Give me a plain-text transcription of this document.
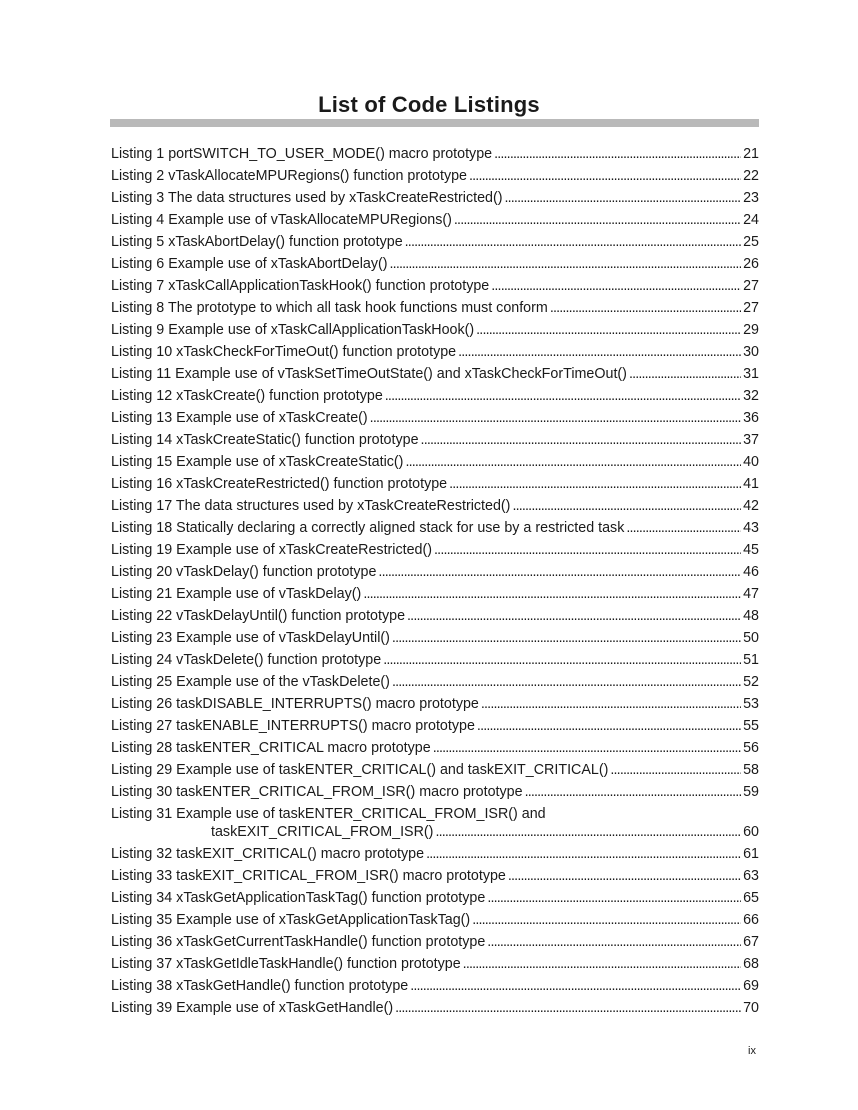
List of Code Listings
Listing 1 portSWITCH_TO_USER_MODE() macro prototype . . .	21
Listing 2 vTaskAllocateMPURegions() function prototype . . .	22
Listing 3 The data structures used by xTaskCreateRestricted() . . .	23
Listing 4 Example use of vTaskAllocateMPURegions() . . .	24
Listing 5 xTaskAbortDelay() function prototype . . .	25
Listing 6 Example use of xTaskAbortDelay() . . .	26
Listing 7 xTaskCallApplicationTaskHook() function prototype . . .	27
Listing 8 The prototype to which all task hook functions must conform . . .	27
Listing 9 Example use of xTaskCallApplicationTaskHook() . . .	29
Listing 10 xTaskCheckForTimeOut() function prototype . . .	30
Listing 11 Example use of vTaskSetTimeOutState() and xTaskCheckForTimeOut() . . .	31
Listing 12 xTaskCreate() function prototype . . .	32
Listing 13 Example use of xTaskCreate() . . .	36
Listing 14 xTaskCreateStatic() function prototype . . .	37
Listing 15 Example use of xTaskCreateStatic() . . .	40
Listing 16 xTaskCreateRestricted() function prototype . . .	41
Listing 17 The data structures used by xTaskCreateRestricted() . . .	42
Listing 18 Statically declaring a correctly aligned stack for use by a restricted task . . .	43
Listing 19 Example use of xTaskCreateRestricted() . . .	45
Listing 20 vTaskDelay() function prototype . . .	46
Listing 21 Example use of vTaskDelay() . . .	47
Listing 22 vTaskDelayUntil() function prototype . . .	48
Listing 23 Example use of vTaskDelayUntil() . . .	50
Listing 24 vTaskDelete() function prototype . . .	51
Listing 25 Example use of the vTaskDelete() . . .	52
Listing 26 taskDISABLE_INTERRUPTS() macro prototype . . .	53
Listing 27 taskENABLE_INTERRUPTS() macro prototype . . .	55
Listing 28 taskENTER_CRITICAL macro prototype . . .	56
Listing 29 Example use of taskENTER_CRITICAL() and taskEXIT_CRITICAL() . . .	58
Listing 30 taskENTER_CRITICAL_FROM_ISR() macro prototype . . .	59
Listing 31 Example use of taskENTER_CRITICAL_FROM_ISR() and
taskEXIT_CRITICAL_FROM_ISR() . . .	60
Listing 32 taskEXIT_CRITICAL() macro prototype . . .	61
Listing 33 taskEXIT_CRITICAL_FROM_ISR() macro prototype . . .	63
Listing 34 xTaskGetApplicationTaskTag() function prototype . . .	65
Listing 35 Example use of xTaskGetApplicationTaskTag() . . .	66
Listing 36 xTaskGetCurrentTaskHandle() function prototype . . .	67
Listing 37 xTaskGetIdleTaskHandle() function prototype . . .	68
Listing 38 xTaskGetHandle() function prototype . . .	69
Listing 39 Example use of xTaskGetHandle() . . .	70
ix
